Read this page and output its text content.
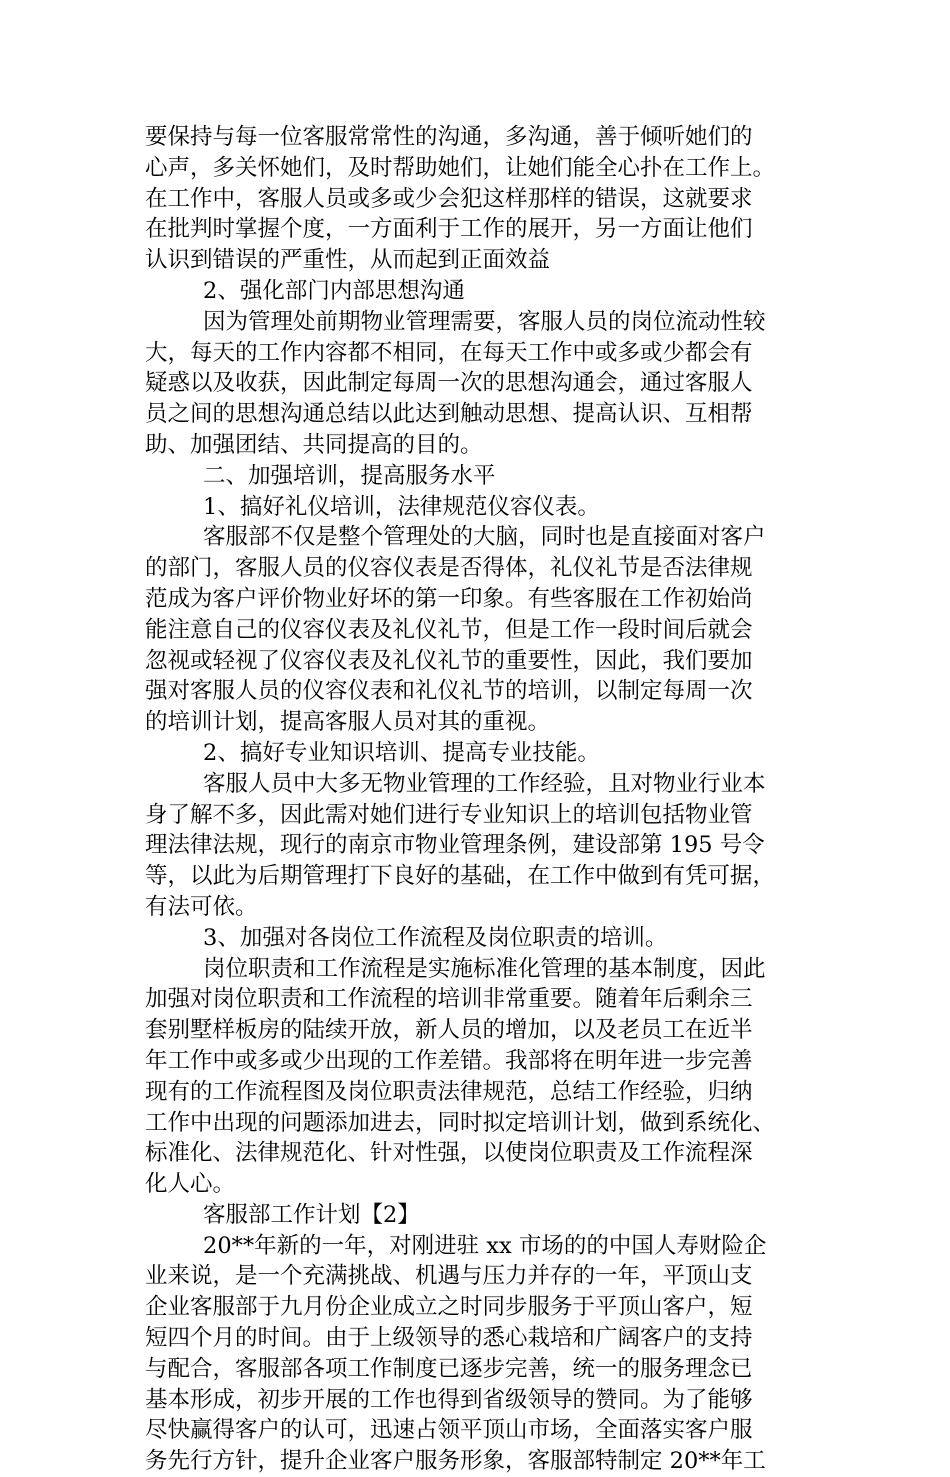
要保持与每一位客服常常性的沟通，多沟通，善于倾听她们的
心声，多关怀她们，及时帮助她们，让她们能全心扑在工作上。
在工作中，客服人员或多或少会犯这样那样的错误，这就要求
在批判时掌握个度，一方面利于工作的展开，另一方面让他们
认识到错误的严重性，从而起到正面效益
2、强化部门内部思想沟通
因为管理处前期物业管理需要，客服人员的岗位流动性较
大，每天的工作内容都不相同，在每天工作中或多或少都会有
疑惑以及收获，因此制定每周一次的思想沟通会，通过客服人
员之间的思想沟通总结以此达到触动思想、提高认识、互相帮
助、加强团结、共同提高的目的。
二、加强培训，提高服务水平
1、搞好礼仪培训，法律规范仪容仪表。
客服部不仅是整个管理处的大脑，同时也是直接面对客户
的部门，客服人员的仪容仪表是否得体，礼仪礼节是否法律规
范成为客户评价物业好坏的第一印象。有些客服在工作初始尚
能注意自己的仪容仪表及礼仪礼节，但是工作一段时间后就会
忽视或轻视了仪容仪表及礼仪礼节的重要性，因此，我们要加
强对客服人员的仪容仪表和礼仪礼节的培训，以制定每周一次
的培训计划，提高客服人员对其的重视。
2、搞好专业知识培训、提高专业技能。
客服人员中大多无物业管理的工作经验，且对物业行业本
身了解不多，因此需对她们进行专业知识上的培训包括物业管
理法律法规，现行的南京市物业管理条例，建设部第 195 号令
等，以此为后期管理打下良好的基础，在工作中做到有凭可据，
有法可依。
3、加强对各岗位工作流程及岗位职责的培训。
岗位职责和工作流程是实施标准化管理的基本制度，因此
加强对岗位职责和工作流程的培训非常重要。随着年后剩余三
套别墅样板房的陆续开放，新人员的增加，以及老员工在近半
年工作中或多或少出现的工作差错。我部将在明年进一步完善
现有的工作流程图及岗位职责法律规范，总结工作经验，归纳
工作中出现的问题添加进去，同时拟定培训计划，做到系统化、
标准化、法律规范化、针对性强，以使岗位职责及工作流程深
化人心。
客服部工作计划【2】
20**年新的一年，对刚进驻 xx 市场的的中国人寿财险企
业来说，是一个充满挑战、机遇与压力并存的一年，平顶山支
企业客服部于九月份企业成立之时同步服务于平顶山客户，短
短四个月的时间。由于上级领导的悉心栽培和广阔客户的支持
与配合，客服部各项工作制度已逐步完善，统一的服务理念已
基本形成，初步开展的工作也得到省级领导的赞同。为了能够
尽快赢得客户的认可，迅速占领平顶山市场，全面落实客户服
务先行方针，提升企业客户服务形象，客服部特制定 20**年工
